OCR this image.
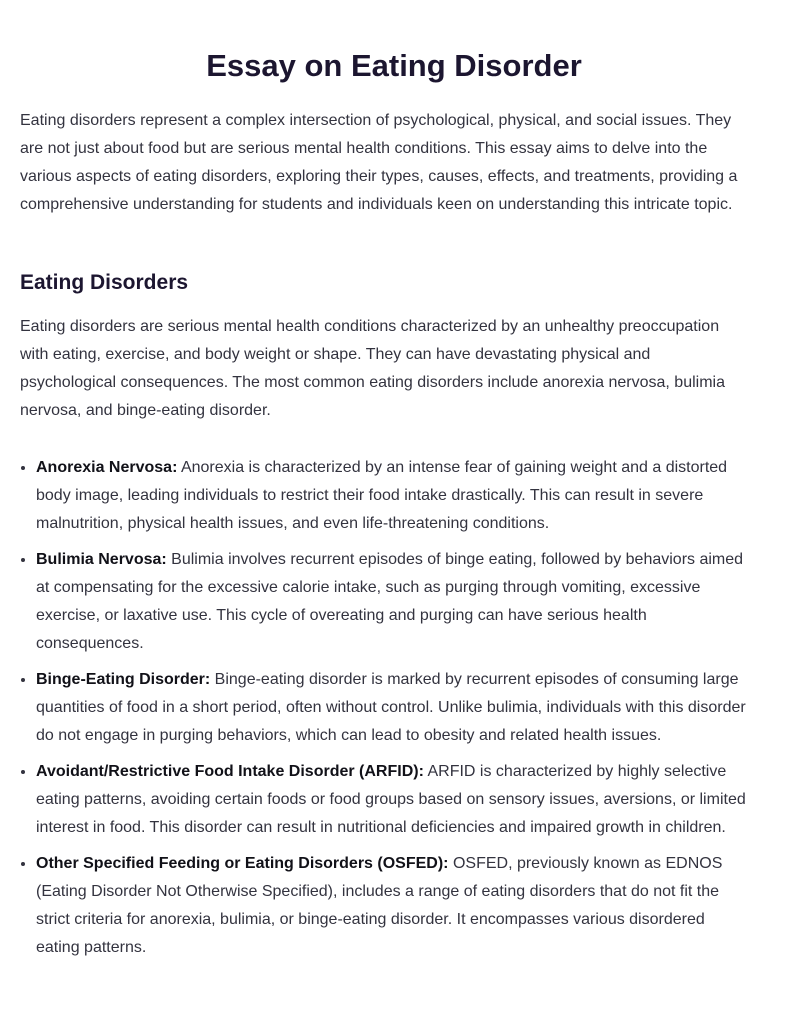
Essay on Eating Disorder

Eating disorders represent a complex intersection of psychological, physical, and social issues. They are not just about food but are serious mental health conditions. This essay aims to delve into the various aspects of eating disorders, exploring their types, causes, effects, and treatments, providing a comprehensive understanding for students and individuals keen on understanding this intricate topic.

Eating Disorders

Eating disorders are serious mental health conditions characterized by an unhealthy preoccupation with eating, exercise, and body weight or shape. They can have devastating physical and psychological consequences. The most common eating disorders include anorexia nervosa, bulimia nervosa, and binge-eating disorder.

• Anorexia Nervosa: Anorexia is characterized by an intense fear of gaining weight and a distorted body image, leading individuals to restrict their food intake drastically. This can result in severe malnutrition, physical health issues, and even life-threatening conditions.
• Bulimia Nervosa: Bulimia involves recurrent episodes of binge eating, followed by behaviors aimed at compensating for the excessive calorie intake, such as purging through vomiting, excessive exercise, or laxative use. This cycle of overeating and purging can have serious health consequences.
• Binge-Eating Disorder: Binge-eating disorder is marked by recurrent episodes of consuming large quantities of food in a short period, often without control. Unlike bulimia, individuals with this disorder do not engage in purging behaviors, which can lead to obesity and related health issues.
• Avoidant/Restrictive Food Intake Disorder (ARFID): ARFID is characterized by highly selective eating patterns, avoiding certain foods or food groups based on sensory issues, aversions, or limited interest in food. This disorder can result in nutritional deficiencies and impaired growth in children.
• Other Specified Feeding or Eating Disorders (OSFED): OSFED, previously known as EDNOS (Eating Disorder Not Otherwise Specified), includes a range of eating disorders that do not fit the strict criteria for anorexia, bulimia, or binge-eating disorder. It encompasses various disordered eating patterns.
